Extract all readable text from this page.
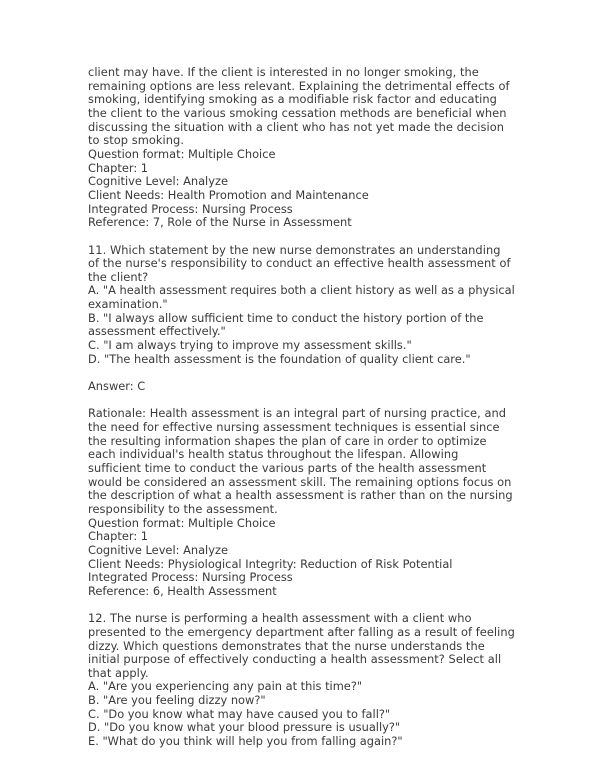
client may have. If the client is interested in no longer smoking, the remaining options are less relevant. Explaining the detrimental effects of smoking, identifying smoking as a modifiable risk factor and educating the client to the various smoking cessation methods are beneficial when discussing the situation with a client who has not yet made the decision to stop smoking.
Question format: Multiple Choice
Chapter: 1
Cognitive Level: Analyze
Client Needs: Health Promotion and Maintenance
Integrated Process: Nursing Process
Reference: 7, Role of the Nurse in Assessment
11. Which statement by the new nurse demonstrates an understanding of the nurse's responsibility to conduct an effective health assessment of the client?
A. "A health assessment requires both a client history as well as a physical examination."
B. "I always allow sufficient time to conduct the history portion of the assessment effectively."
C. "I am always trying to improve my assessment skills."
D. "The health assessment is the foundation of quality client care."
Answer: C
Rationale: Health assessment is an integral part of nursing practice, and the need for effective nursing assessment techniques is essential since the resulting information shapes the plan of care in order to optimize each individual's health status throughout the lifespan. Allowing sufficient time to conduct the various parts of the health assessment would be considered an assessment skill. The remaining options focus on the description of what a health assessment is rather than on the nursing responsibility to the assessment.
Question format: Multiple Choice
Chapter: 1
Cognitive Level: Analyze
Client Needs: Physiological Integrity: Reduction of Risk Potential
Integrated Process: Nursing Process
Reference: 6, Health Assessment
12. The nurse is performing a health assessment with a client who presented to the emergency department after falling as a result of feeling dizzy. Which questions demonstrates that the nurse understands the initial purpose of effectively conducting a health assessment? Select all that apply.
A. "Are you experiencing any pain at this time?"
B. "Are you feeling dizzy now?"
C. "Do you know what may have caused you to fall?"
D. "Do you know what your blood pressure is usually?"
E. "What do you think will help you from falling again?"
